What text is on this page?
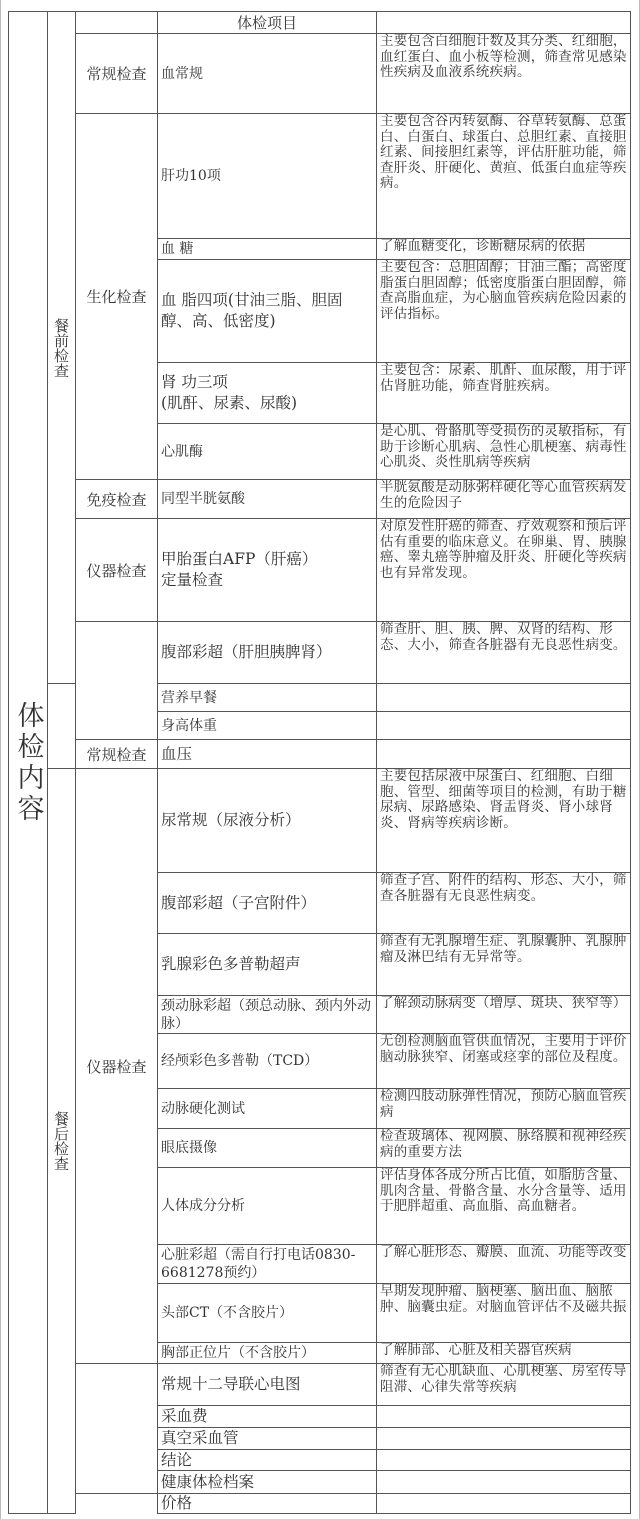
体检内容
餐前检查
餐后检查
体检项目
常规检查
生化检查
免疫检查
仪器检查
常规检查
仪器检查
血常规
主要包含白细胞计数及其分类、红细胞，血红蛋白、血小板等检测，筛查常见感染性疾病及血液系统疾病。
肝功10项
主要包含谷丙转氨酶、谷草转氨酶、总蛋白、白蛋白、球蛋白、总胆红素、直接胆红素、间接胆红素等，评估肝脏功能，筛查肝炎、肝硬化、黄疸、低蛋白血症等疾病。
血 糖	了解血糖变化，诊断糖尿病的依据
血 脂四项(甘油三脂、胆固醇、高、低密度)
主要包含：总胆固醇；甘油三酯；高密度脂蛋白胆固醇；低密度脂蛋白胆固醇，筛查高脂血症，为心脑血管疾病危险因素的评估指标。
肾 功三项
(肌酐、尿素、尿酸)
主要包含：尿素、肌酐、血尿酸，用于评估肾脏功能，筛查肾脏疾病。
心肌酶
是心肌、骨骼肌等受损伤的灵敏指标，有助于诊断心肌病、急性心肌梗塞、病毒性心肌炎、炎性肌病等疾病
同型半胱氨酸
半胱氨酸是动脉粥样硬化等心血管疾病发生的危险因子
甲胎蛋白AFP（肝癌）
定量检查
对原发性肝癌的筛查、疗效观察和预后评估有重要的临床意义。在卵巢、胃、胰腺癌、睾丸癌等肿瘤及肝炎、肝硬化等疾病也有异常发现。
腹部彩超（肝胆胰脾肾）
筛查肝、胆、胰、脾、双肾的结构、形态、大小，筛查各脏器有无良恶性病变。
营养早餐
身高体重
血压
尿常规（尿液分析）
主要包括尿液中尿蛋白、红细胞、白细胞、管型、细菌等项目的检测，有助于糖尿病、尿路感染、肾盂肾炎、肾小球肾炎、肾病等疾病诊断。
腹部彩超（子宫附件）
筛查子宫、附件的结构、形态、大小，筛查各脏器有无良恶性病变。
乳腺彩色多普勒超声
筛查有无乳腺增生症、乳腺囊肿、乳腺肿瘤及淋巴结有无异常等。
颈动脉彩超（颈总动脉、颈内外动脉）
了解颈动脉病变（增厚、斑块、狭窄等）
经颅彩色多普勒（TCD）
无创检测脑血管供血情况，主要用于评价脑动脉狭窄、闭塞或痉挛的部位及程度。
动脉硬化测试
检测四肢动脉弹性情况，预防心脑血管疾病
眼底摄像
检查玻璃体、视网膜、脉络膜和视神经疾病的重要方法
人体成分分析
评估身体各成分所占比值，如脂肪含量、肌肉含量、骨骼含量、水分含量等、适用于肥胖超重、高血脂、高血糖者。
心脏彩超（需自行打电话0830-6681278预约）
了解心脏形态、瓣膜、血流、功能等改变
头部CT（不含胶片）
早期发现肿瘤、脑梗塞、脑出血、脑脓肿、脑囊虫症。对脑血管评估不及磁共振
胸部正位片（不含胶片）	了解肺部、心脏及相关器官疾病
常规十二导联心电图
筛查有无心肌缺血、心肌梗塞、房室传导阻滞、心律失常等疾病
采血费
真空采血管
结论
健康体检档案
价格
